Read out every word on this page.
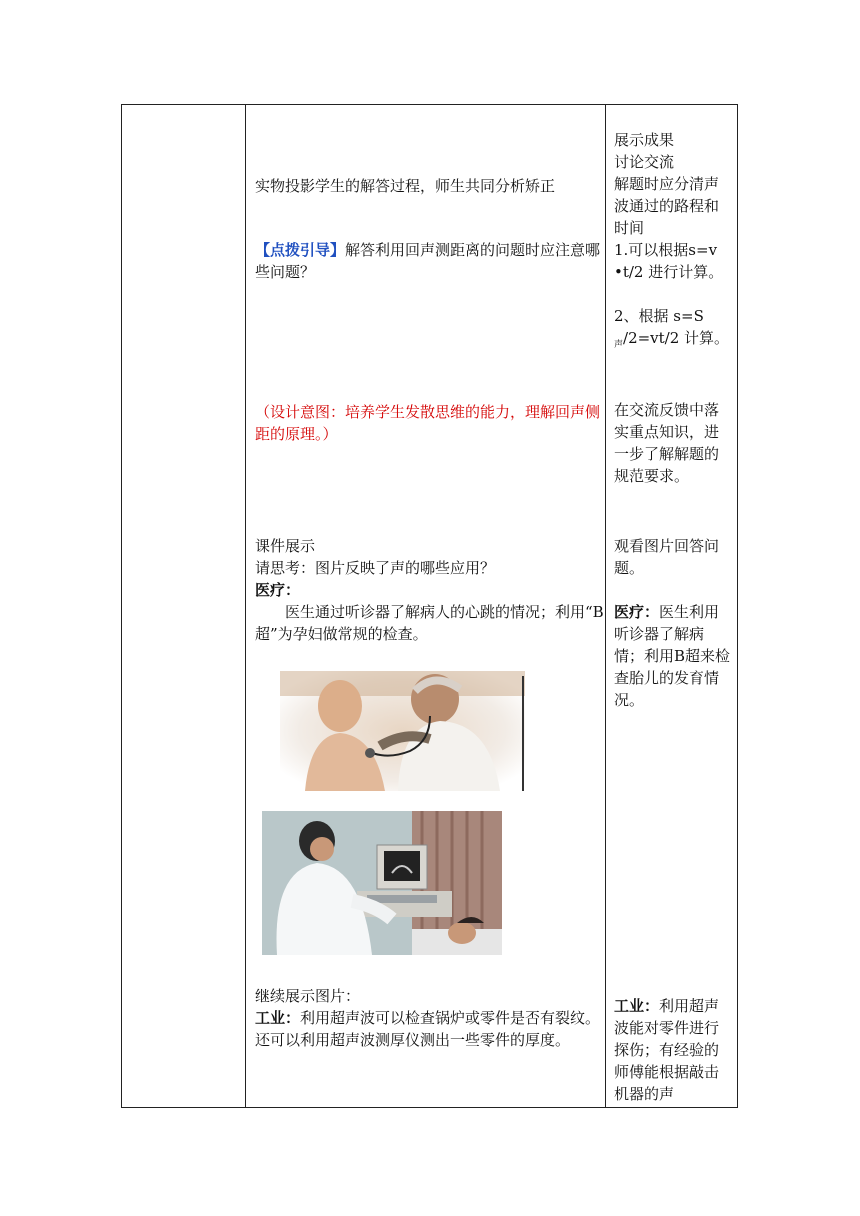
实物投影学生的解答过程，师生共同分析矫正

【点拨引导】解答利用回声测距离的问题时应注意哪些问题？

（设计意图：培养学生发散思维的能力，理解回声侧距的原理。）

课件展示

请思考：图片反映了声的哪些应用？

医疗：

医生通过听诊器了解病人的心跳的情况；利用“B超”为孕妇做常规的检查。

继续展示图片：

工业：利用超声波可以检查锅炉或零件是否有裂纹。还可以利用超声波测厚仪测出一些零件的厚度。

展示成果

讨论交流

解题时应分清声波通过的路程和时间

1.可以根据s=v •t/2 进行计算。

2、根据 $s=S_声/2=vt/2$ 计算。

在交流反馈中落实重点知识，进一步了解解题的规范要求。

观看图片回答问题。

医疗：医生利用听诊器了解病情；利用B超来检查胎儿的发育情况。

工业：利用超声波能对零件进行探伤；有经验的师傅能根据敲击机器的声
